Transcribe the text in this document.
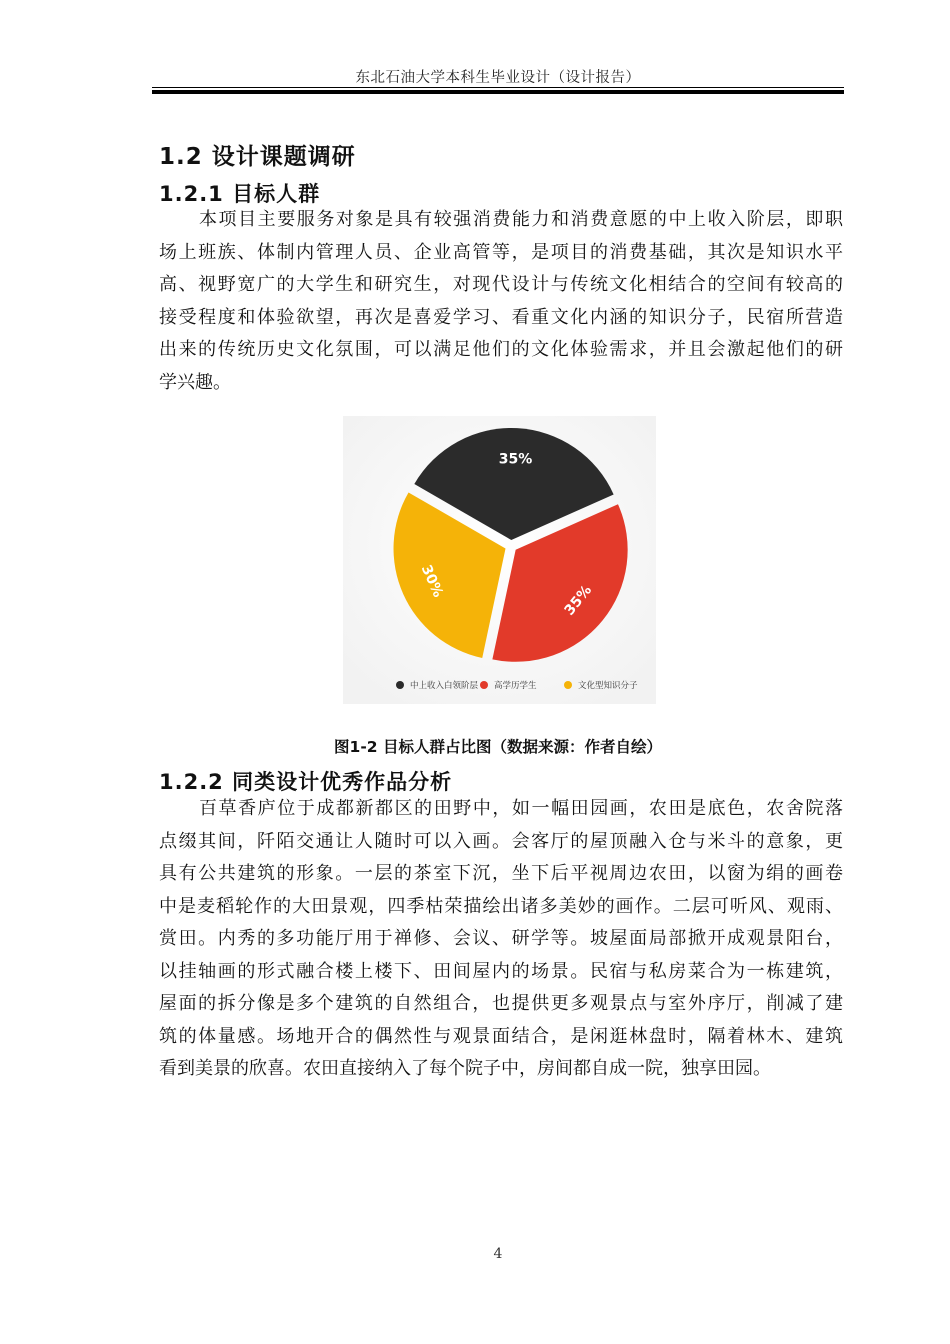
东北石油大学本科生毕业设计（设计报告）
1.2 设计课题调研
1.2.1 目标人群
本项目主要服务对象是具有较强消费能力和消费意愿的中上收入阶层，即职
场上班族、体制内管理人员、企业高管等，是项目的消费基础，其次是知识水平
高、视野宽广的大学生和研究生，对现代设计与传统文化相结合的空间有较高的
接受程度和体验欲望，再次是喜爱学习、看重文化内涵的知识分子，民宿所营造
出来的传统历史文化氛围，可以满足他们的文化体验需求，并且会激起他们的研
学兴趣。
35%
35%
30%
中上收入白领阶层 高学历学生	文化型知识分子
图1-2 目标人群占比图（数据来源：作者自绘）
1.2.2 同类设计优秀作品分析
百草香庐位于成都新都区的田野中，如一幅田园画，农田是底色，农舍院落
点缀其间，阡陌交通让人随时可以入画。会客厅的屋顶融入仓与米斗的意象，更
具有公共建筑的形象。一层的茶室下沉，坐下后平视周边农田，以窗为绢的画卷
中是麦稻轮作的大田景观，四季枯荣描绘出诸多美妙的画作。二层可听风、观雨、
赏田。内秀的多功能厅用于禅修、会议、研学等。坡屋面局部掀开成观景阳台，
以挂轴画的形式融合楼上楼下、田间屋内的场景。民宿与私房菜合为一栋建筑，
屋面的拆分像是多个建筑的自然组合，也提供更多观景点与室外序厅，削减了建
筑的体量感。场地开合的偶然性与观景面结合，是闲逛林盘时，隔着林木、建筑
看到美景的欣喜。农田直接纳入了每个院子中，房间都自成一院，独享田园。
4
